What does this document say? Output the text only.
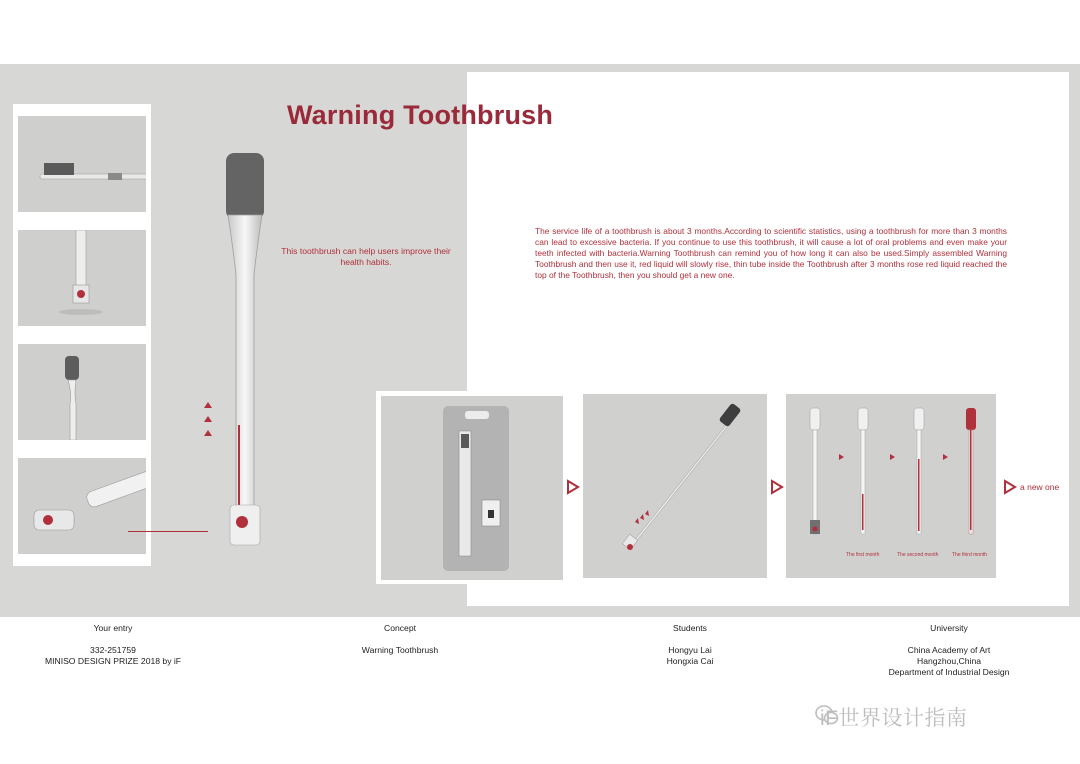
Warning Toothbrush
This toothbrush can help users improve their health habits.
The service life of a toothbrush is about 3 months.According to scientific statistics, using a toothbrush for more than 3 months can lead to excessive bacteria. If you continue to use this toothbrush, it will cause a lot of oral problems and even make your teeth infected with bacteria.Warning Toothbrush can remind you of how long it can also be used.Simply assembled Warning Toothbrush and then use it, red liquid will slowly rise, thin tube inside the Toothbrush after 3 months rose red liquid reached the top of the Toothbrush, then you should get a new one.
The first month	The second month	The third month
a new one
Your entry
332-251759
MINISO DESIGN PRIZE 2018 by iF
Concept
Warning Toothbrush
Students
Hongyu Lai
Hongxia Cai
University
China Academy of Art
Hangzhou,China
Department of Industrial Design
iF世界设计指南
